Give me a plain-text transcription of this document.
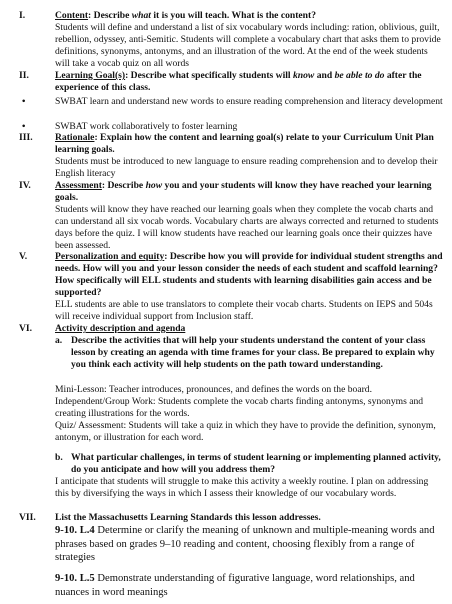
I.	Content: Describe what it is you will teach. What is the content?

Students will define and understand a list of six vocabulary words including: ration, oblivious, guilt, rebellion, odyssey, anti-Semitic. Students will complete a vocabulary chart that asks them to provide definitions, synonyms, antonyms, and an illustration of the word. At the end of the week students will take a vocab quiz on all words

II.	Learning Goal(s): Describe what specifically students will know and be able to do after the experience of this class.
•	SWBAT learn and understand new words to ensure reading comprehension and literacy development
•	SWBAT work collaboratively to foster learning
III. Rationale: Explain how the content and learning goal(s) relate to your Curriculum Unit Plan learning goals.

Students must be introduced to new language to ensure reading comprehension and to develop their English literacy

IV.	Assessment: Describe how you and your students will know they have reached your learning goals.

Students will know they have reached our learning goals when they complete the vocab charts and can understand all six vocab words. Vocabulary charts are always corrected and returned to students days before the quiz. I will know students have reached our learning goals once their quizzes have been assessed.

V.	Personalization and equity: Describe how you will provide for individual student strengths and needs. How will you and your lesson consider the needs of each student and scaffold learning? How specifically will ELL students and students with learning disabilities gain access and be supported?

ELL students are able to use translators to complete their vocab charts. Students on IEPS and 504s will receive individual support from Inclusion staff.

VI. Activity description and agenda
a. Describe the activities that will help your students understand the content of your class lesson by creating an agenda with time frames for your class. Be prepared to explain why you think each activity will help students on the path toward understanding.
Mini-Lesson: Teacher introduces, pronounces, and defines the words on the board.
Independent/Group Work: Students complete the vocab charts finding antonyms, synonyms and creating illustrations for the words.
Quiz/ Assessment: Students will take a quiz in which they have to provide the definition, synonym, antonym, or illustration for each word.
b. What particular challenges, in terms of student learning or implementing planned activity, do you anticipate and how will you address them?
I anticipate that students will struggle to make this activity a weekly routine. I plan on addressing this by diversifying the ways in which I assess their knowledge of our vocabulary words.
VII. List the Massachusetts Learning Standards this lesson addresses.
9-10. L.4 Determine or clarify the meaning of unknown and multiple-meaning words and phrases based on grades 9–10 reading and content, choosing flexibly from a range of strategies
9-10. L.5 Demonstrate understanding of figurative language, word relationships, and nuances in word meanings
